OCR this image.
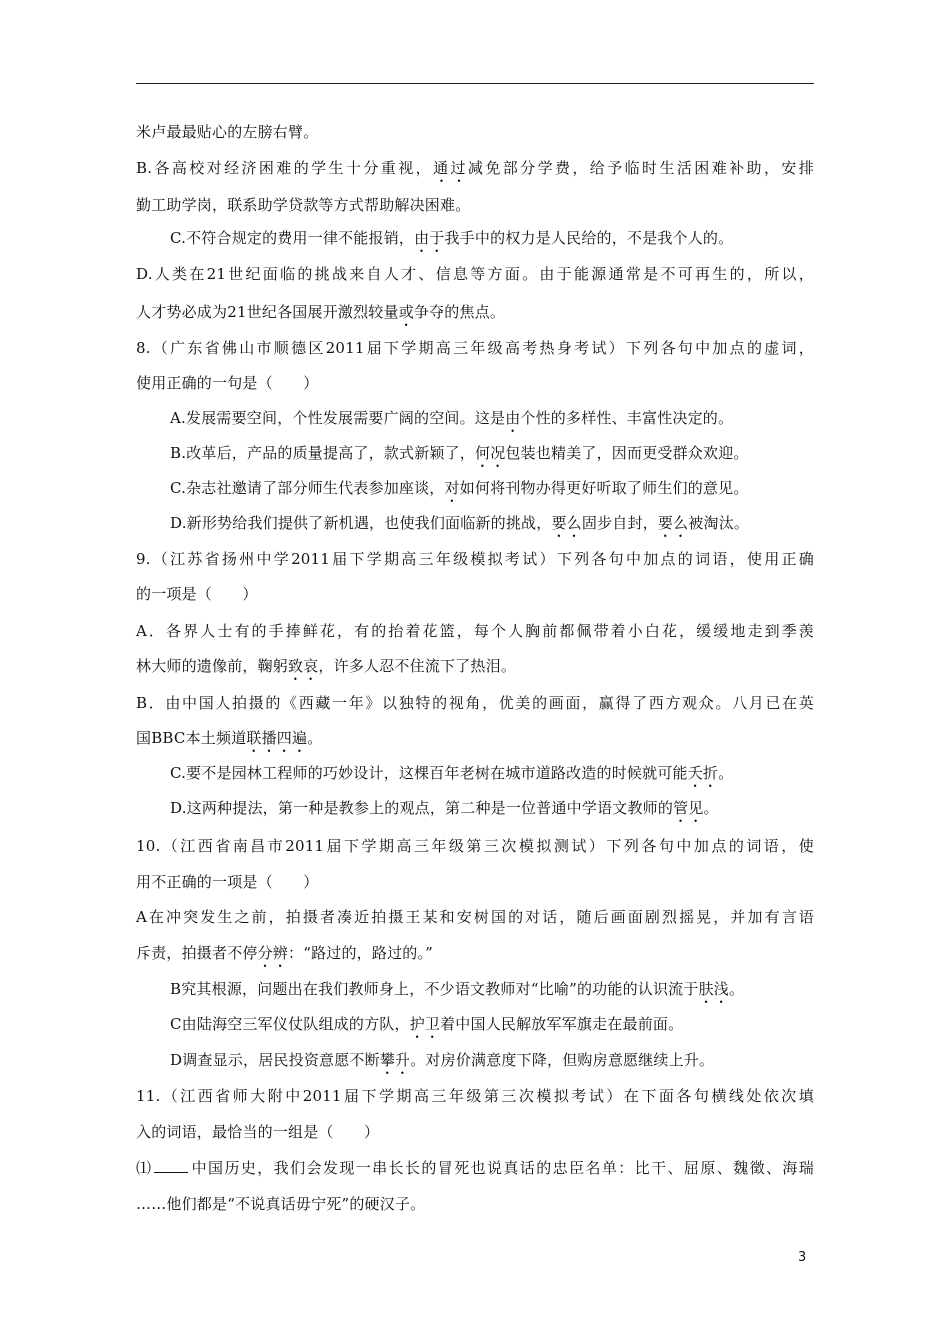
米卢最最贴心的左膀右臂。
B.各高校对经济困难的学生十分重视，通过减免部分学费，给予临时生活困难补助，安排
勤工助学岗，联系助学贷款等方式帮助解决困难。
C.不符合规定的费用一律不能报销，由于我手中的权力是人民给的，不是我个人的。
D.人类在21世纪面临的挑战来自人才、信息等方面。由于能源通常是不可再生的，所以，
人才势必成为21世纪各国展开激烈较量或争夺的焦点。
8.（广东省佛山市顺德区2011届下学期高三年级高考热身考试）下列各句中加点的虚词，
使用正确的一句是（　　）
A.发展需要空间，个性发展需要广阔的空间。这是由个性的多样性、丰富性决定的。
B.改革后，产品的质量提高了，款式新颖了，何况包装也精美了，因而更受群众欢迎。
C.杂志社邀请了部分师生代表参加座谈，对如何将刊物办得更好听取了师生们的意见。
D.新形势给我们提供了新机遇，也使我们面临新的挑战，要么固步自封，要么被淘汰。
9.（江苏省扬州中学2011届下学期高三年级模拟考试）下列各句中加点的词语，使用正确
的一项是（　　）
A．各界人士有的手捧鲜花，有的抬着花篮，每个人胸前都佩带着小白花，缓缓地走到季羡
林大师的遗像前，鞠躬致哀，许多人忍不住流下了热泪。
B．由中国人拍摄的《西藏一年》以独特的视角，优美的画面，赢得了西方观众。八月已在英
国BBC本土频道联播四遍。
C.要不是园林工程师的巧妙设计，这棵百年老树在城市道路改造的时候就可能夭折。
D.这两种提法，第一种是教参上的观点，第二种是一位普通中学语文教师的管见。
10.（江西省南昌市2011届下学期高三年级第三次模拟测试）下列各句中加点的词语，使
用不正确的一项是（　　）
A在冲突发生之前，拍摄者凑近拍摄王某和安树国的对话，随后画面剧烈摇晃，并加有言语
斥责，拍摄者不停分辨：“路过的，路过的。”
B究其根源，问题出在我们教师身上，不少语文教师对“比喻”的功能的认识流于肤浅。
C由陆海空三军仪仗队组成的方队，护卫着中国人民解放军军旗走在最前面。
D调查显示，居民投资意愿不断攀升。对房价满意度下降，但购房意愿继续上升。
11.（江西省师大附中2011届下学期高三年级第三次模拟考试）在下面各句横线处依次填
入的词语，最恰当的一组是（　　）
⑴	中国历史，我们会发现一串长长的冒死也说真话的忠臣名单：比干、屈原、魏徵、海瑞
……他们都是“不说真话毋宁死”的硬汉子。
3
